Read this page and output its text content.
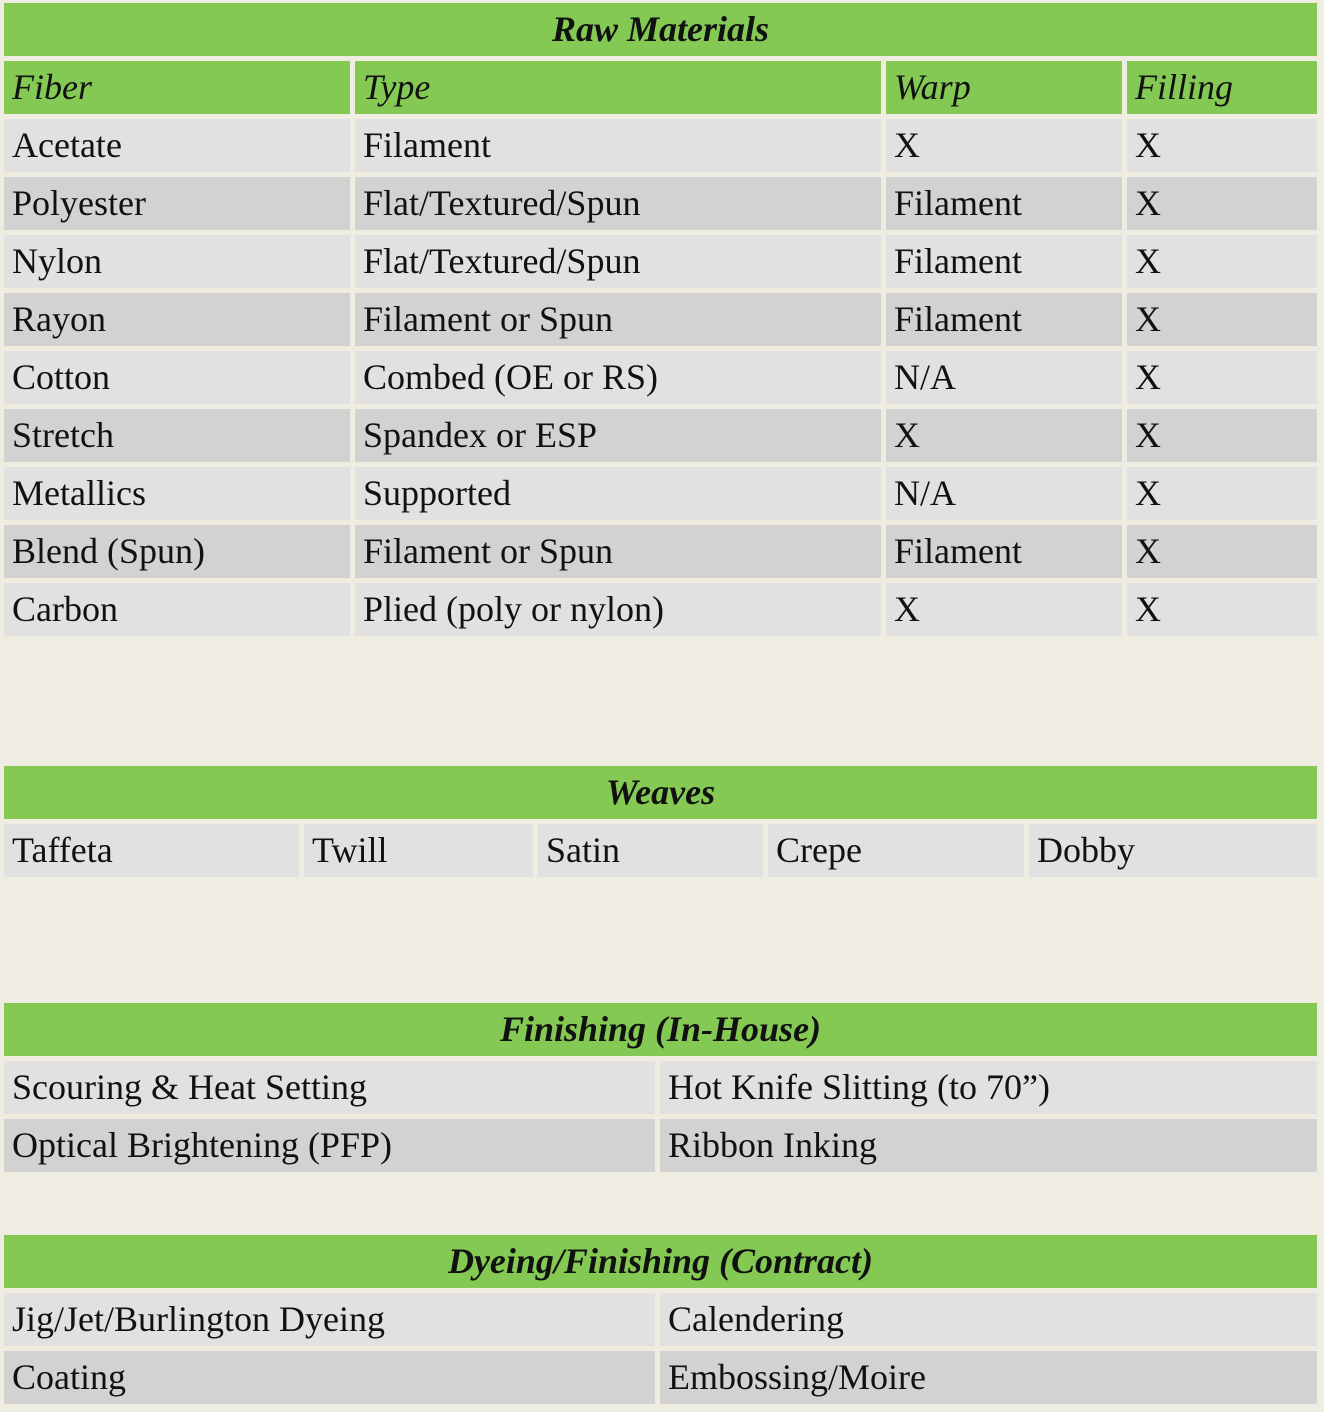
Raw Materials
Fiber	Type	Warp	Filling
Acetate	Filament	X	X
Polyester	Flat/Textured/Spun	Filament	X
Nylon	Flat/Textured/Spun	Filament	X
Rayon	Filament or Spun	Filament	X
Cotton	Combed (OE or RS)	N/A	X
Stretch	Spandex or ESP	X	X
Metallics	Supported	N/A	X
Blend (Spun)	Filament or Spun	Filament	X
Carbon	Plied (poly or nylon)	X	X
Weaves
Taffeta	Twill	Satin	Crepe	Dobby
Finishing (In-House)
Scouring & Heat Setting	Hot Knife Slitting (to 70”)
Optical Brightening (PFP)	Ribbon Inking
Dyeing/Finishing (Contract)
Jig/Jet/Burlington Dyeing	Calendering
Coating	Embossing/Moire
